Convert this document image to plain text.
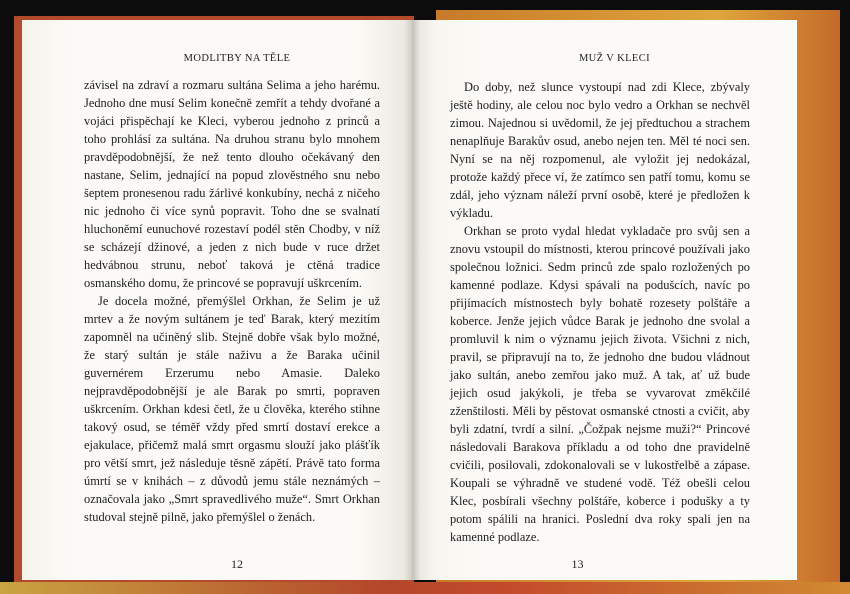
MODLITBY NA TĚLE

závisel na zdraví a rozmaru sultána Selima a jeho harému. Jednoho dne musí Selim konečně zemřít a tehdy dvořané a vojáci přispěchají ke Kleci, vyberou jednoho z princů a toho prohlásí za sultána. Na druhou stranu bylo mnohem pravděpodobnější, že než tento dlouho očekávaný den nastane, Selim, jednající na popud zlověstného snu nebo šeptem pronesenou radu žárlivé konkubíny, nechá z ničeho nic jednoho či více synů popravit. Toho dne se svalnatí hluchoněmí eunuchové rozestaví podél stěn Chodby, v níž se scházejí džinové, a jeden z nich bude v ruce držet hedvábnou strunu, neboť taková je ctěná tradice osmanského domu, že princové se popravují uškrcením.

Je docela možné, přemýšlel Orkhan, že Selim je už mrtev a že novým sultánem je teď Barak, který mezitím zapomněl na učiněný slib. Stejně dobře však bylo možné, že starý sultán je stále naživu a že Baraka učinil guvernérem Erzerumu nebo Amasie. Daleko nejpravděpodobnější je ale Barak po smrti, popraven uškrcením. Orkhan kdesi četl, že u člověka, kterého stihne takový osud, se téměř vždy před smrtí dostaví erekce a ejakulace, přičemž malá smrt orgasmu slouží jako plášťík pro větší smrt, jež následuje těsně zápětí. Právě tato forma úmrtí se v knihách – z důvodů jemu stále neznámých – označovala jako „Smrt spravedlivého muže“. Smrt Orkhan studoval stejně pilně, jako přemýšlel o ženách.

12
MUŽ V KLECI

Do doby, než slunce vystoupí nad zdi Klece, zbývaly ještě hodiny, ale celou noc bylo vedro a Orkhan se nechvěl zimou. Najednou si uvědomil, že jej předtuchou a strachem nenaplňuje Barakův osud, anebo nejen ten. Měl té noci sen. Nyní se na něj rozpomenul, ale vyložit jej nedokázal, protože každý přece ví, že zatímco sen patří tomu, komu se zdál, jeho význam náleží první osobě, které je předložen k výkladu.

Orkhan se proto vydal hledat vykladače pro svůj sen a znovu vstoupil do místnosti, kterou princové používali jako společnou ložnici. Sedm princů zde spalo rozložených po kamenné podlaze. Kdysi spávali na podušcích, navíc po přijímacích místnostech byly bohatě rozesety polštáře a koberce. Jenže jejich vůdce Barak je jednoho dne svolal a promluvil k nim o významu jejich života. Všichni z nich, pravil, se připravují na to, že jednoho dne budou vládnout jako sultán, anebo zemřou jako muž. A tak, ať už bude jejich osud jakýkoli, je třeba se vyvarovat změkčilé zženštilosti. Měli by pěstovat osmanské ctnosti a cvičit, aby byli zdatní, tvrdí a silní. „Čožpak nejsme muži?“ Princové následovali Barakova příkladu a od toho dne pravidelně cvičili, posilovali, zdokonalovali se v lukostřelbě a zápase. Koupali se výhradně ve studené vodě. Též obešli celou Klec, posbírali všechny polštáře, koberce i podušky a ty potom spálili na hranici. Poslední dva roky spali jen na kamenné podlaze.

13
